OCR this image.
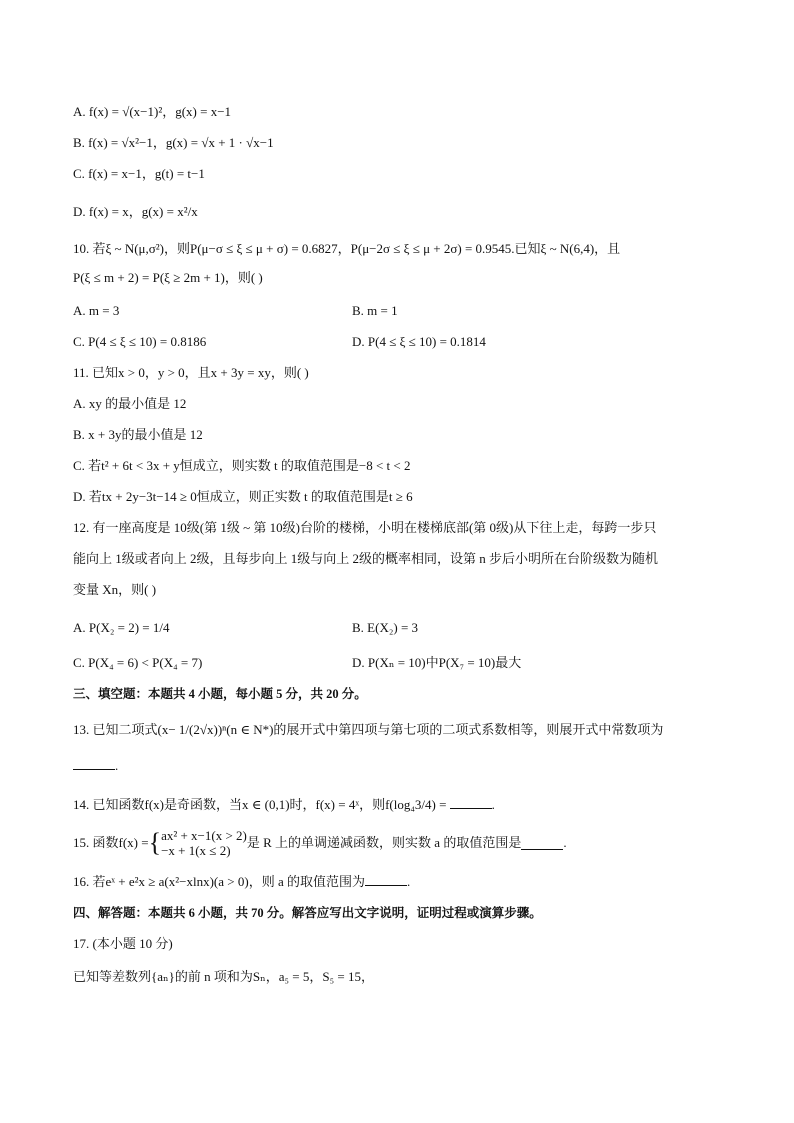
A. f(x) = √(x−1)²，g(x) = x−1
B. f(x) = √x²−1，g(x) = √x + 1 · √x−1
C. f(x) = x−1，g(t) = t−1
D. f(x) = x，g(x) = x²/x
10. 若ξ ~ N(μ,σ²)，则P(μ−σ ≤ ξ ≤ μ + σ) = 0.6827，P(μ−2σ ≤ ξ ≤ μ + 2σ) = 0.9545.已知ξ ~ N(6,4)，且
P(ξ ≤ m + 2) = P(ξ ≥ 2m + 1)，则( )
A. m = 3	B. m = 1
C. P(4 ≤ ξ ≤ 10) = 0.8186	D. P(4 ≤ ξ ≤ 10) = 0.1814
11. 已知x > 0，y > 0，且x + 3y = xy，则( )
A. xy 的最小值是 12
B. x + 3y的最小值是 12
C. 若t² + 6t < 3x + y恒成立，则实数 t 的取值范围是−8 < t < 2
D. 若tx + 2y−3t−14 ≥ 0恒成立，则正实数 t 的取值范围是t ≥ 6
12. 有一座高度是 10级(第 1级 ~ 第 10级)台阶的楼梯，小明在楼梯底部(第 0级)从下往上走，每跨一步只
能向上 1级或者向上 2级，且每步向上 1级与向上 2级的概率相同，设第 n 步后小明所在台阶级数为随机
变量 Xn，则( )
A. P(X₂ = 2) = 1/4	B. E(X₂) = 3
C. P(X₄ = 6) < P(X₄ = 7)	D. P(Xₙ = 10)中P(X₇ = 10)最大
三、填空题：本题共 4 小题，每小题 5 分，共 20 分。
13. 已知二项式(x− 1/(2√x))ⁿ(n ∈ N*)的展开式中第四项与第七项的二项式系数相等，则展开式中常数项为
.
14. 已知函数f(x)是奇函数，当x ∈ (0,1)时，f(x) = 4ˣ，则f(log₄3/4) =	.
15. 函数f(x) ={ ax² + x−1(x > 2)
−x + 1(x ≤ 2)
是 R 上的单调递减函数，则实数 a 的取值范围是	.
16. 若eˣ + e²x ≥ a(x²−xlnx)(a > 0)，则 a 的取值范围为	.
四、解答题：本题共 6 小题，共 70 分。解答应写出文字说明，证明过程或演算步骤。
17. (本小题 10 分)
已知等差数列{aₙ}的前 n 项和为Sₙ，a₅ = 5，S₅ = 15，
